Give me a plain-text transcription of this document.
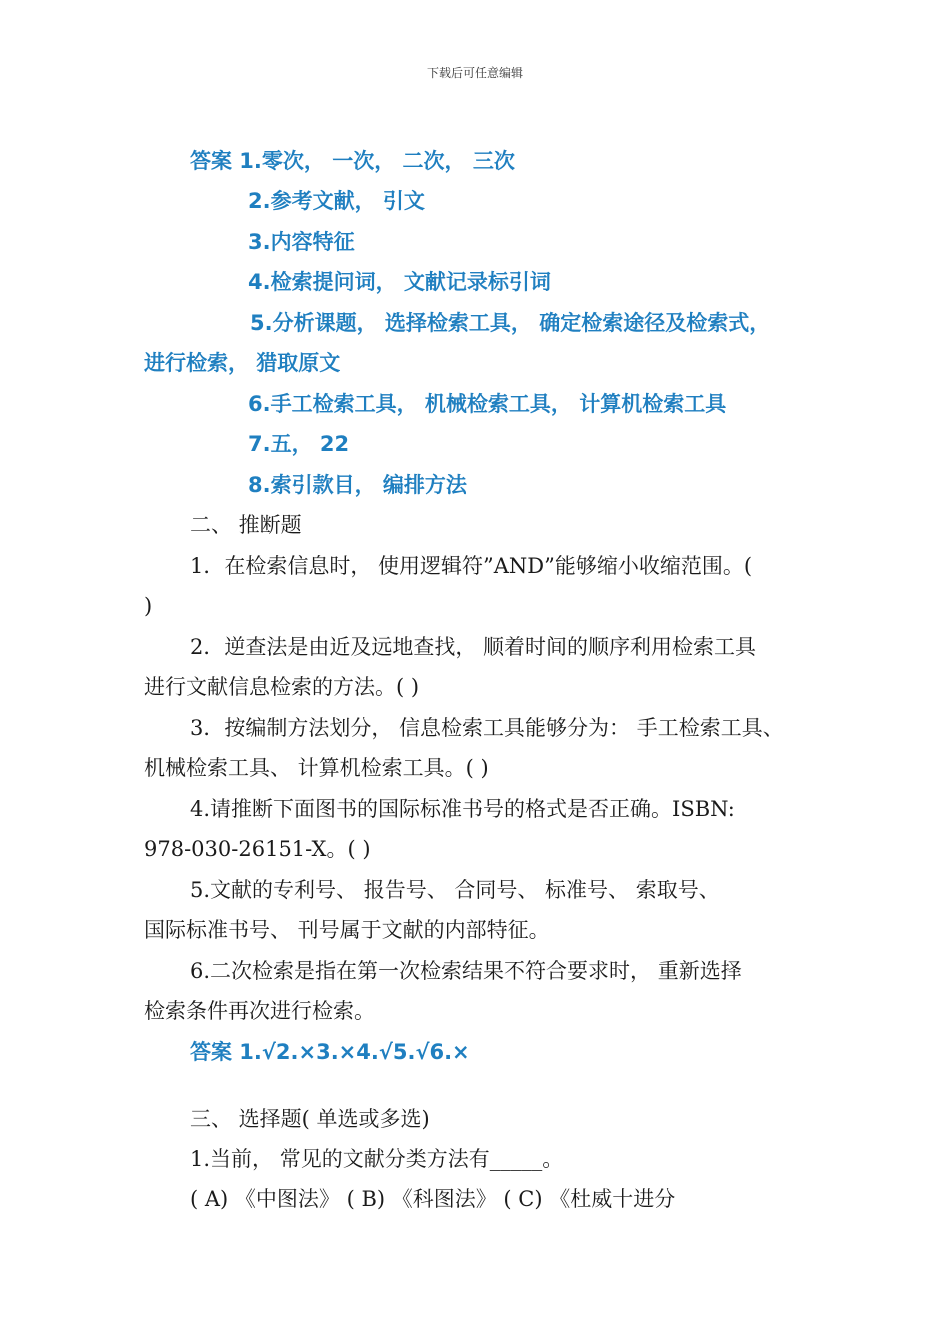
下载后可任意编辑
答案 1.零次， 一次， 二次， 三次
2.参考文献， 引文
3.内容特征
4.检索提问词， 文献记录标引词
5.分析课题， 选择检索工具， 确定检索途径及检索式，
进行检索， 猎取原文
6.手工检索工具， 机械检索工具， 计算机检索工具
7.五， 22
8.索引款目， 编排方法
二、 推断题
1．在检索信息时， 使用逻辑符”AND”能够缩小收缩范围。(
)
2．逆查法是由近及远地查找， 顺着时间的顺序利用检索工具
进行文献信息检索的方法。( )
3．按编制方法划分， 信息检索工具能够分为： 手工检索工具、
机械检索工具、 计算机检索工具。( )
4.请推断下面图书的国际标准书号的格式是否正确。ISBN:
978-030-26151-X。( )
5.文献的专利号、 报告号、 合同号、 标准号、 索取号、
国际标准书号、 刊号属于文献的内部特征。
6.二次检索是指在第一次检索结果不符合要求时， 重新选择
检索条件再次进行检索。
答案 1.√2.×3.×4.√5.√6.×
三、 选择题( 单选或多选)
1.当前， 常见的文献分类方法有_____。
( A) 《中图法》 ( B) 《科图法》 ( C) 《杜威十进分
